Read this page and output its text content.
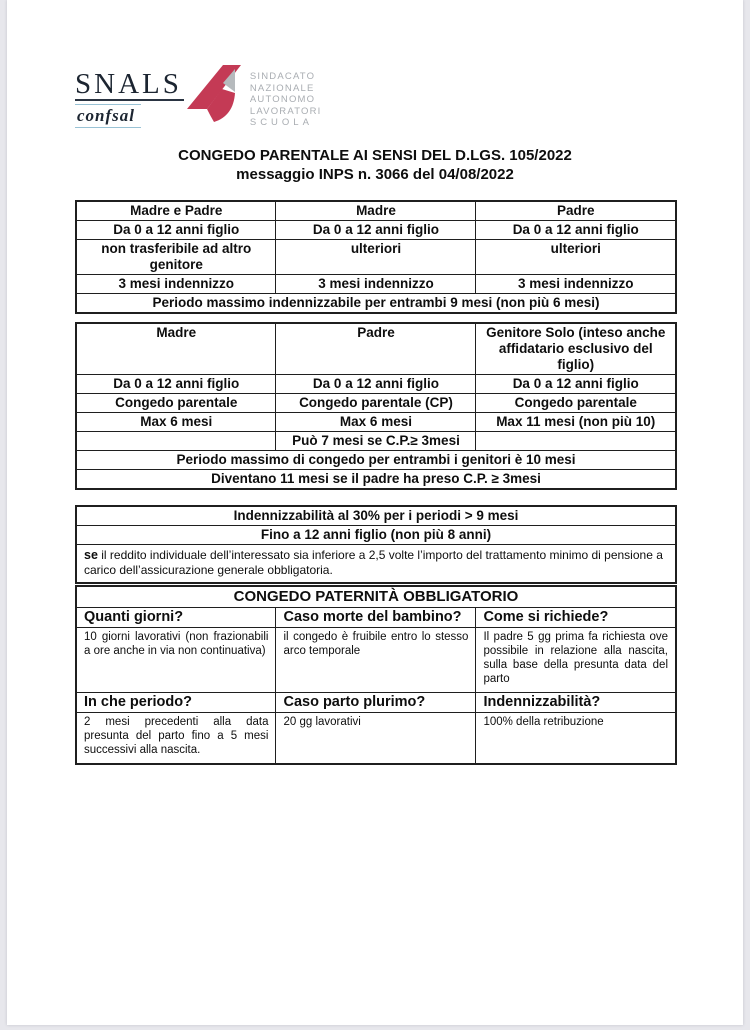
SNALS
confsal
SINDACATO
NAZIONALE
AUTONOMO
LAVORATORI
SCUOLA
CONGEDO PARENTALE AI SENSI DEL D.LGS. 105/2022
messaggio INPS n. 3066 del 04/08/2022
Madre e Padre	Madre	Padre
Da 0 a 12 anni figlio	Da 0 a 12 anni figlio	Da 0 a 12 anni figlio
non trasferibile ad altro genitore	ulteriori	ulteriori
3 mesi indennizzo	3 mesi indennizzo	3 mesi indennizzo
Periodo massimo indennizzabile per entrambi 9 mesi (non più 6 mesi)		
Madre	Padre	Genitore Solo (inteso anche affidatario esclusivo del figlio)
Da 0 a 12 anni figlio	Da 0 a 12 anni figlio	Da 0 a 12 anni figlio
Congedo parentale	Congedo parentale (CP)	Congedo parentale
Max 6 mesi	Max 6 mesi	Max 11 mesi (non più 10)
	Può 7 mesi se C.P.≥ 3mesi	
Periodo massimo di congedo per entrambi i genitori è 10 mesi		
Diventano 11 mesi se il padre ha preso C.P. ≥ 3mesi		
Indennizzabilità al 30% per i periodi > 9 mesi
Fino a 12 anni figlio (non più 8 anni)
se il reddito individuale dell’interessato sia inferiore a 2,5 volte l’importo del trattamento minimo di pensione a carico dell’assicurazione generale obbligatoria.
CONGEDO PATERNITÀ OBBLIGATORIO		
Quanti giorni?	Caso morte del bambino?	Come si richiede?
10 giorni lavorativi (non frazionabili a ore anche in via non continuativa)	il congedo è fruibile entro lo stesso arco temporale	Il padre 5 gg prima fa richiesta ove possibile in relazione alla nascita, sulla base della presunta data del parto
In che periodo?	Caso parto plurimo?	Indennizzabilità?
2 mesi precedenti alla data presunta del parto fino a 5 mesi successivi alla nascita.	20 gg lavorativi	100% della retribuzione
